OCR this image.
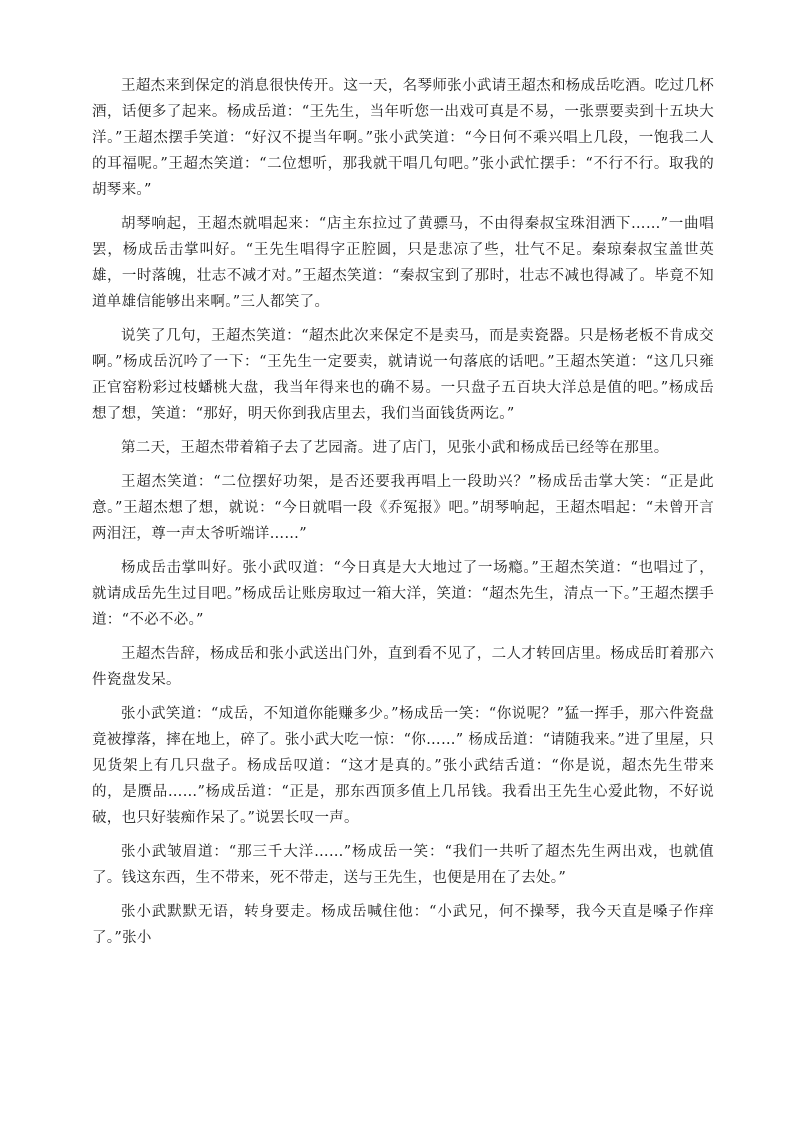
王超杰来到保定的消息很快传开。这一天，名琴师张小武请王超杰和杨成岳吃酒。吃过几杯酒，话便多了起来。杨成岳道：“王先生，当年听您一出戏可真是不易，一张票要卖到十五块大洋。”王超杰摆手笑道：“好汉不提当年啊。”张小武笑道：“今日何不乘兴唱上几段，一饱我二人的耳福呢。”王超杰笑道：“二位想听，那我就干唱几句吧。”张小武忙摆手：“不行不行。取我的胡琴来。”

胡琴响起，王超杰就唱起来：“店主东拉过了黄骠马，不由得秦叔宝珠泪洒下……”一曲唱罢，杨成岳击掌叫好。“王先生唱得字正腔圆，只是悲凉了些，壮气不足。秦琼秦叔宝盖世英雄，一时落魄，壮志不减才对。”王超杰笑道：“秦叔宝到了那时，壮志不减也得减了。毕竟不知道单雄信能够出来啊。”三人都笑了。

说笑了几句，王超杰笑道：“超杰此次来保定不是卖马，而是卖瓷器。只是杨老板不肯成交啊。”杨成岳沉吟了一下：“王先生一定要卖，就请说一句落底的话吧。”王超杰笑道：“这几只雍正官窑粉彩过枝蟠桃大盘，我当年得来也的确不易。一只盘子五百块大洋总是值的吧。”杨成岳想了想，笑道：“那好，明天你到我店里去，我们当面钱货两讫。”

第二天，王超杰带着箱子去了艺园斋。进了店门，见张小武和杨成岳已经等在那里。

王超杰笑道：“二位摆好功架，是否还要我再唱上一段助兴？”杨成岳击掌大笑：“正是此意。”王超杰想了想，就说：“今日就唱一段《乔冤报》吧。”胡琴响起，王超杰唱起：“未曾开言两泪汪，尊一声太爷听端详……”

杨成岳击掌叫好。张小武叹道：“今日真是大大地过了一场瘾。”王超杰笑道：“也唱过了，就请成岳先生过目吧。”杨成岳让账房取过一箱大洋，笑道：“超杰先生，清点一下。”王超杰摆手道：“不必不必。”

王超杰告辞，杨成岳和张小武送出门外，直到看不见了，二人才转回店里。杨成岳盯着那六件瓷盘发呆。

张小武笑道：“成岳，不知道你能赚多少。”杨成岳一笑：“你说呢？”猛一挥手，那六件瓷盘竟被撑落，摔在地上，碎了。张小武大吃一惊：“你……” 杨成岳道：“请随我来。”进了里屋，只见货架上有几只盘子。杨成岳叹道：“这才是真的。”张小武结舌道：“你是说，超杰先生带来的，是赝品……”杨成岳道：“正是，那东西顶多值上几吊钱。我看出王先生心爱此物，不好说破，也只好装痴作呆了。”说罢长叹一声。

张小武皱眉道：“那三千大洋……”杨成岳一笑：“我们一共听了超杰先生两出戏，也就值了。钱这东西，生不带来，死不带走，送与王先生，也便是用在了去处。”

张小武默默无语，转身要走。杨成岳喊住他：“小武兄，何不操琴，我今天直是嗓子作痒了。”张小
